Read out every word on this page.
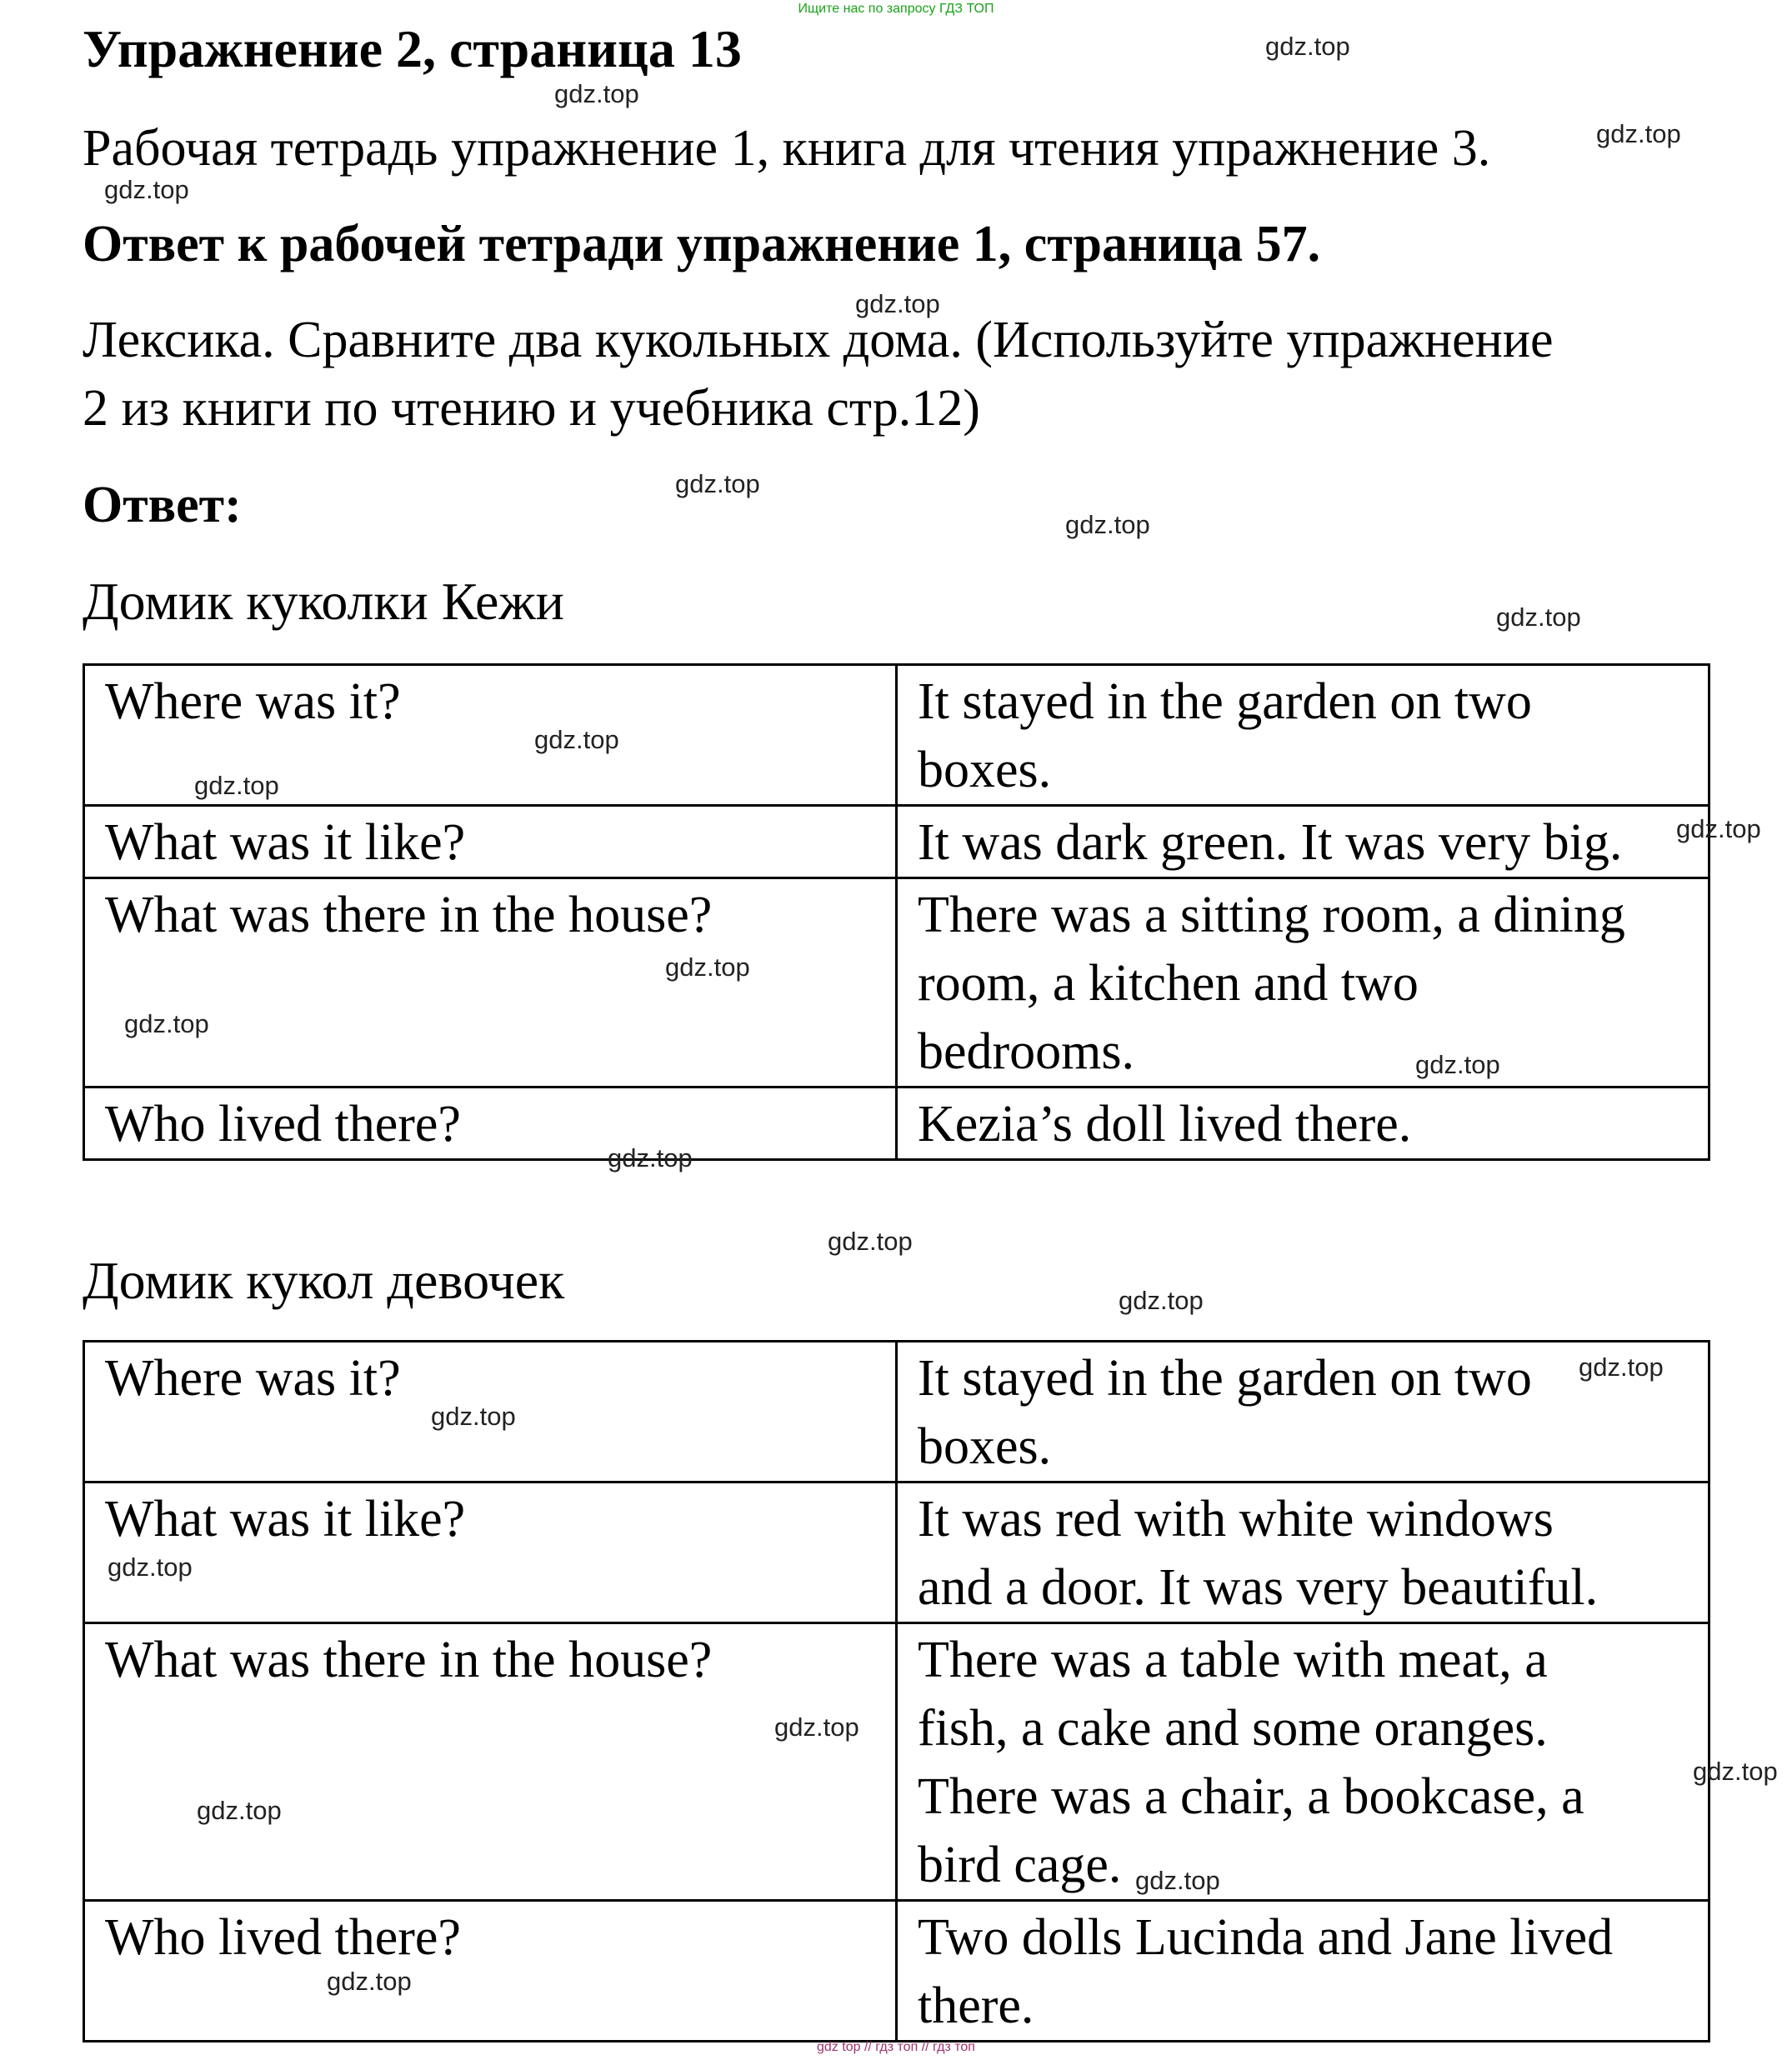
Ищите нас по запросу ГДЗ ТОП
Упражнение 2, страница 13
Рабочая тетрадь упражнение 1, книга для чтения упражнение 3.
Ответ к рабочей тетради упражнение 1, страница 57.
Лексика. Сравните два кукольных дома. (Используйте упражнение
2 из книги по чтению и учебника стр.12)
Ответ:
Домик куколки Кежи
Where was it?	It stayed in the garden on two
boxes.

What was it like?	It was dark green. It was very big.

What was there in the house?	There was a sitting room, a dining
room, a kitchen and two
bedrooms.

Who lived there?	Kezia’s doll lived there.
Домик кукол девочек
Where was it?	It stayed in the garden on two
boxes.

What was it like?	It was red with white windows
and a door. It was very beautiful.

What was there in the house?	There was a table with meat, a
fish, a cake and some oranges.
There was a chair, a bookcase, a
bird cage.

Who lived there?	Two dolls Lucinda and Jane lived
there.
gdz.top
gdz.top
gdz.top
gdz.top
gdz.top
gdz.top
gdz.top
gdz.top
gdz.top
gdz.top
gdz.top
gdz.top
gdz.top
gdz.top
gdz.top
gdz.top
gdz.top
gdz.top
gdz.top
gdz.top
gdz.top
gdz.top
gdz.top
gdz.top
gdz.top
gdz top // гдз топ // гдз топ
